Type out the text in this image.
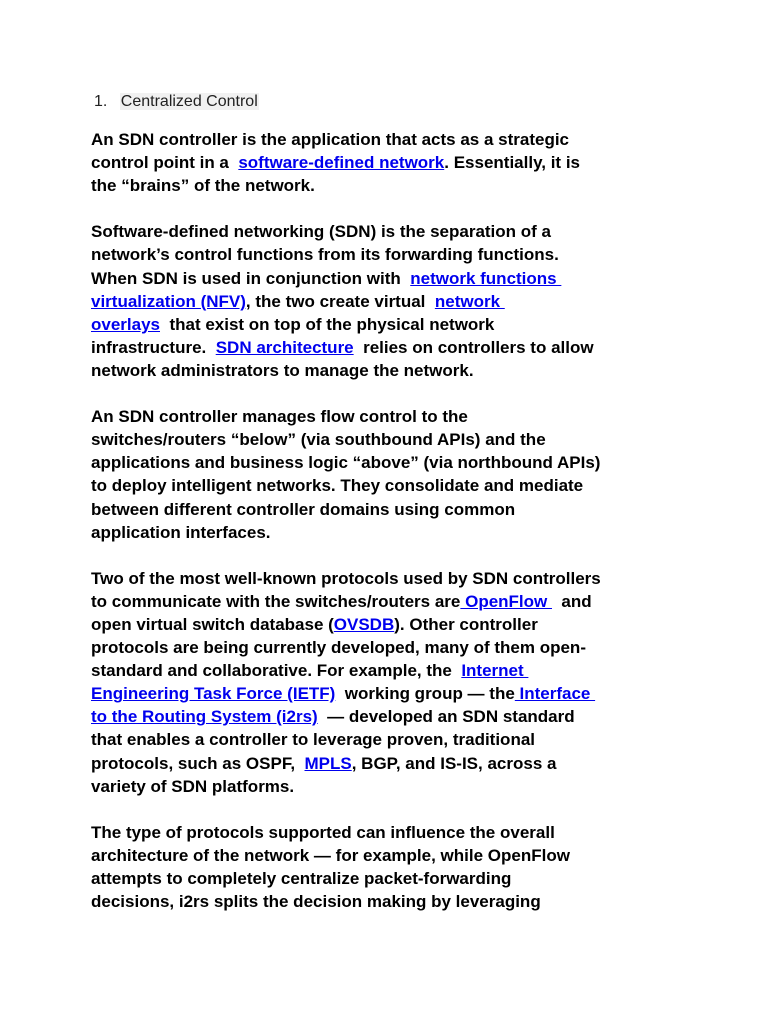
1. Centralized Control

An SDN controller is the application that acts as a strategic
control point in a  software-defined network. Essentially, it is
the “brains” of the network.

Software-defined networking (SDN) is the separation of a
network’s control functions from its forwarding functions.
When SDN is used in conjunction with  network functions
virtualization (NFV), the two create virtual  network
overlays  that exist on top of the physical network
infrastructure.  SDN architecture  relies on controllers to allow
network administrators to manage the network.

An SDN controller manages flow control to the
switches/routers “below” (via southbound APIs) and the
applications and business logic “above” (via northbound APIs)
to deploy intelligent networks. They consolidate and mediate
between different controller domains using common
application interfaces.

Two of the most well-known protocols used by SDN controllers
to communicate with the switches/routers are OpenFlow   and
open virtual switch database (OVSDB). Other controller
protocols are being currently developed, many of them open-
standard and collaborative. For example, the  Internet
Engineering Task Force (IETF)  working group — the Interface
to the Routing System (i2rs)  — developed an SDN standard
that enables a controller to leverage proven, traditional
protocols, such as OSPF,  MPLS, BGP, and IS-IS, across a
variety of SDN platforms.

The type of protocols supported can influence the overall
architecture of the network — for example, while OpenFlow
attempts to completely centralize packet-forwarding
decisions, i2rs splits the decision making by leveraging
